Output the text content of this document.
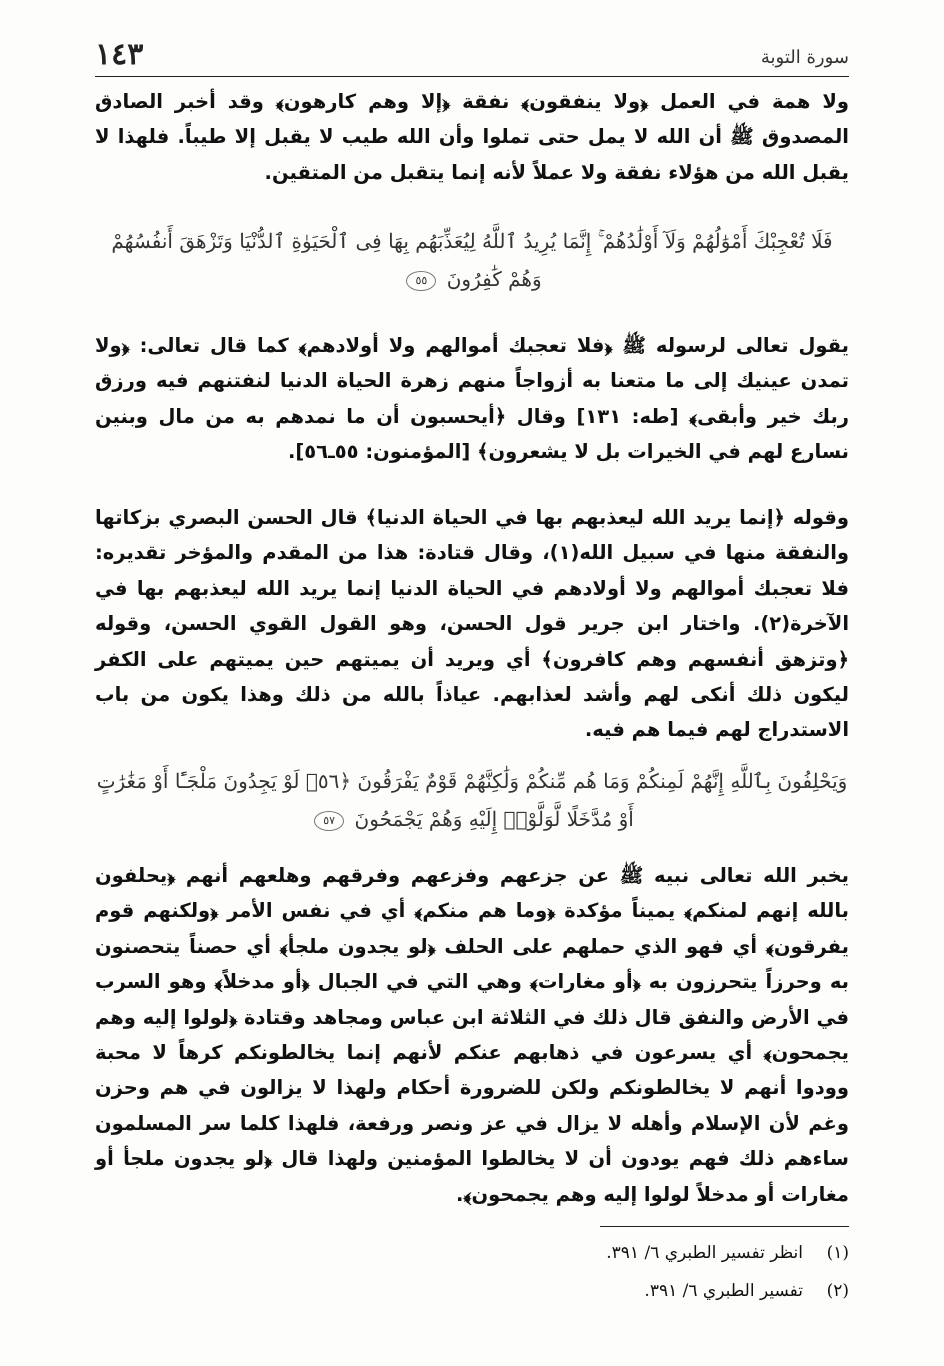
سورة التوبة
١٤٣
ولا همة في العمل ﴿ولا ينفقون﴾ نفقة ﴿إلا وهم كارهون﴾ وقد أخبر الصادق المصدوق ﷺ أن الله لا يمل حتى تملوا وأن الله طيب لا يقبل إلا طيباً. فلهذا لا يقبل الله من هؤلاء نفقة ولا عملاً لأنه إنما يتقبل من المتقين.
فَلَا تُعْجِبْكَ أَمْوَٰلُهُمْ وَلَآ أَوْلَٰدُهُمْ ۚ إِنَّمَا يُرِيدُ ٱللَّهُ لِيُعَذِّبَهُم بِهَا فِى ٱلْحَيَوٰةِ ٱلدُّنْيَا وَتَزْهَقَ أَنفُسُهُمْ وَهُمْ كَٰفِرُونَ ٥٥
يقول تعالى لرسوله ﷺ ﴿فلا تعجبك أموالهم ولا أولادهم﴾ كما قال تعالى: ﴿ولا تمدن عينيك إلى ما متعنا به أزواجاً منهم زهرة الحياة الدنيا لنفتنهم فيه ورزق ربك خير وأبقى﴾ [طه: ١٣١] وقال ﴿أيحسبون أن ما نمدهم به من مال وبنين نسارع لهم في الخيرات بل لا يشعرون﴾ [المؤمنون: ٥٥ـ٥٦].
وقوله ﴿إنما يريد الله ليعذبهم بها في الحياة الدنيا﴾ قال الحسن البصري بزكاتها والنفقة منها في سبيل الله(١)، وقال قتادة: هذا من المقدم والمؤخر تقديره: فلا تعجبك أموالهم ولا أولادهم في الحياة الدنيا إنما يريد الله ليعذبهم بها في الآخرة(٢). واختار ابن جرير قول الحسن، وهو القول القوي الحسن، وقوله ﴿وتزهق أنفسهم وهم كافرون﴾ أي ويريد أن يميتهم حين يميتهم على الكفر ليكون ذلك أنكى لهم وأشد لعذابهم. عياذاً بالله من ذلك وهذا يكون من باب الاستدراج لهم فيما هم فيه.
وَيَحْلِفُونَ بِٱللَّهِ إِنَّهُمْ لَمِنكُمْ وَمَا هُم مِّنكُمْ وَلَٰكِنَّهُمْ قَوْمٌ يَفْرَقُونَ ﴿٥٦﴾ لَوْ يَجِدُونَ مَلْجَـًٔا أَوْ مَغَٰرَٰتٍ أَوْ مُدَّخَلًا لَّوَلَّوْا۟ إِلَيْهِ وَهُمْ يَجْمَحُونَ ٥٧
يخبر الله تعالى نبيه ﷺ عن جزعهم وفزعهم وفرقهم وهلعهم أنهم ﴿يحلفون بالله إنهم لمنكم﴾ يميناً مؤكدة ﴿وما هم منكم﴾ أي في نفس الأمر ﴿ولكنهم قوم يفرقون﴾ أي فهو الذي حملهم على الحلف ﴿لو يجدون ملجأ﴾ أي حصناً يتحصنون به وحرزاً يتحرزون به ﴿أو مغارات﴾ وهي التي في الجبال ﴿أو مدخلاً﴾ وهو السرب في الأرض والنفق قال ذلك في الثلاثة ابن عباس ومجاهد وقتادة ﴿لولوا إليه وهم يجمحون﴾ أي يسرعون في ذهابهم عنكم لأنهم إنما يخالطونكم كرهاً لا محبة وودوا أنهم لا يخالطونكم ولكن للضرورة أحكام ولهذا لا يزالون في هم وحزن وغم لأن الإسلام وأهله لا يزال في عز ونصر ورفعة، فلهذا كلما سر المسلمون ساءهم ذلك فهم يودون أن لا يخالطوا المؤمنين ولهذا قال ﴿لو يجدون ملجأ أو مغارات أو مدخلاً لولوا إليه وهم يجمحون﴾.
(١)انظر تفسير الطبري ٦/ ٣٩١.
(٢)تفسير الطبري ٦/ ٣٩١.
